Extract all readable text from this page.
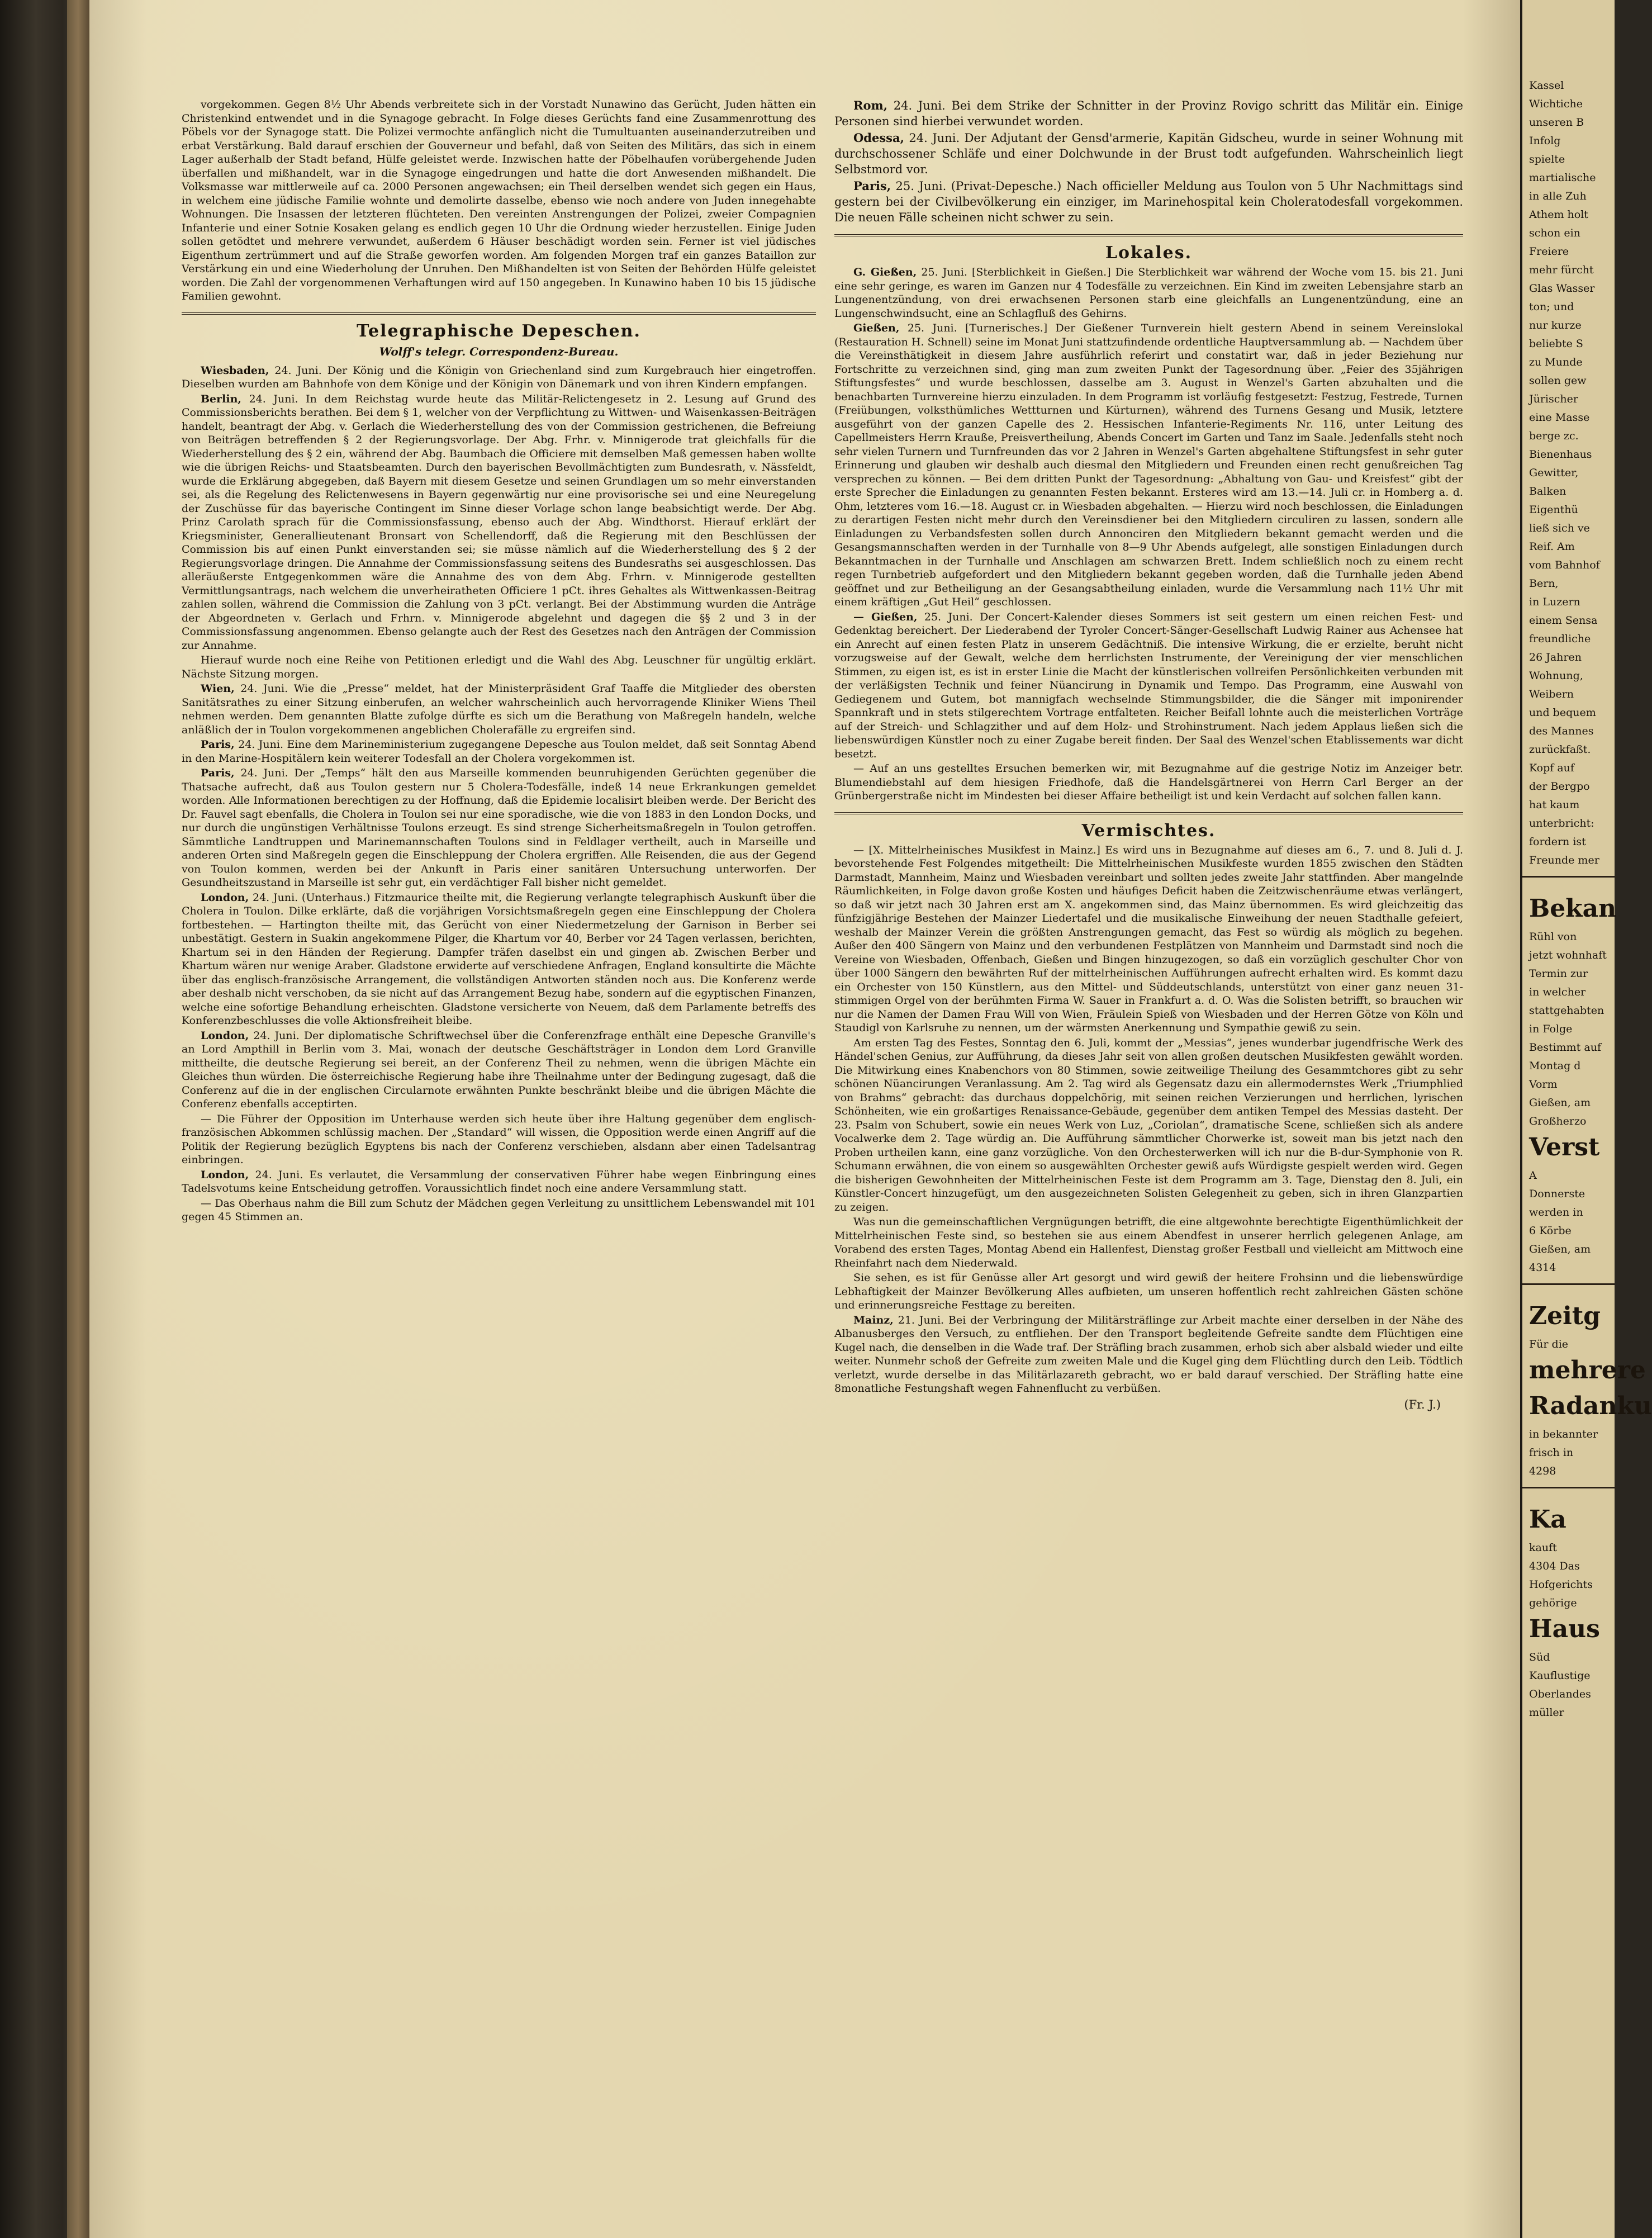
vorgekommen. Gegen 8½ Uhr Abends verbreitete sich in der Vorstadt Nunawino das Gerücht, Juden hätten ein Christenkind entwendet und in die Synagoge gebracht. In Folge dieses Gerüchts fand eine Zusammenrottung des Pöbels vor der Synagoge statt. Die Polizei vermochte anfänglich nicht die Tumultuanten auseinanderzutreiben und erbat Verstärkung. Bald darauf erschien der Gouverneur und befahl, daß von Seiten des Militärs, das sich in einem Lager außerhalb der Stadt befand, Hülfe geleistet werde. Inzwischen hatte der Pöbelhaufen vorübergehende Juden überfallen und mißhandelt, war in die Synagoge eingedrungen und hatte die dort Anwesenden mißhandelt. Die Volksmasse war mittlerweile auf ca. 2000 Personen angewachsen; ein Theil derselben wendet sich gegen ein Haus, in welchem eine jüdische Familie wohnte und demolirte dasselbe, ebenso wie noch andere von Juden innegehabte Wohnungen. Die Insassen der letzteren flüchteten. Den vereinten Anstrengungen der Polizei, zweier Compagnien Infanterie und einer Sotnie Kosaken gelang es endlich gegen 10 Uhr die Ordnung wieder herzustellen. Einige Juden sollen getödtet und mehrere verwundet, außerdem 6 Häuser beschädigt worden sein. Ferner ist viel jüdisches Eigenthum zertrümmert und auf die Straße geworfen worden. Am folgenden Morgen traf ein ganzes Bataillon zur Verstärkung ein und eine Wiederholung der Unruhen. Den Mißhandelten ist von Seiten der Behörden Hülfe geleistet worden. Die Zahl der vorgenommenen Verhaftungen wird auf 150 angegeben. In Kunawino haben 10 bis 15 jüdische Familien gewohnt.

Telegraphische Depeschen.
Wolff's telegr. Correspondenz-Bureau.

Wiesbaden, 24. Juni. Der König und die Königin von Griechenland sind zum Kurgebrauch hier eingetroffen. Dieselben wurden am Bahnhofe von dem Könige und der Königin von Dänemark und von ihren Kindern empfangen.

Berlin, 24. Juni. In dem Reichstag wurde heute das Militär-Relictengesetz in 2. Lesung auf Grund des Commissionsberichts berathen. Bei dem § 1, welcher von der Verpflichtung zu Wittwen- und Waisenkassen-Beiträgen handelt, beantragt der Abg. v. Gerlach die Wiederherstellung des von der Commission gestrichenen, die Befreiung von Beiträgen betreffenden § 2 der Regierungsvorlage. Der Abg. Frhr. v. Minnigerode trat gleichfalls für die Wiederherstellung des § 2 ein, während der Abg. Baumbach die Officiere mit demselben Maß gemessen haben wollte wie die übrigen Reichs- und Staatsbeamten. Durch den bayerischen Bevollmächtigten zum Bundesrath, v. Nässfeldt, wurde die Erklärung abgegeben, daß Bayern mit diesem Gesetze und seinen Grundlagen um so mehr einverstanden sei, als die Regelung des Relictenwesens in Bayern gegenwärtig nur eine provisorische sei und eine Neuregelung der Zuschüsse für das bayerische Contingent im Sinne dieser Vorlage schon lange beabsichtigt werde. Der Abg. Prinz Carolath sprach für die Commissionsfassung, ebenso auch der Abg. Windthorst. Hierauf erklärt der Kriegsminister, Generallieutenant Bronsart von Schellendorff, daß die Regierung mit den Beschlüssen der Commission bis auf einen Punkt einverstanden sei; sie müsse nämlich auf die Wiederherstellung des § 2 der Regierungsvorlage dringen. Die Annahme der Commissionsfassung seitens des Bundesraths sei ausgeschlossen. Das alleräußerste Entgegenkommen wäre die Annahme des von dem Abg. Frhrn. v. Minnigerode gestellten Vermittlungsantrags, nach welchem die unverheiratheten Officiere 1 pCt. ihres Gehaltes als Wittwenkassen-Beitrag zahlen sollen, während die Commission die Zahlung von 3 pCt. verlangt. Bei der Abstimmung wurden die Anträge der Abgeordneten v. Gerlach und Frhrn. v. Minnigerode abgelehnt und dagegen die §§ 2 und 3 in der Commissionsfassung angenommen. Ebenso gelangte auch der Rest des Gesetzes nach den Anträgen der Commission zur Annahme.

Hierauf wurde noch eine Reihe von Petitionen erledigt und die Wahl des Abg. Leuschner für ungültig erklärt. Nächste Sitzung morgen.

Wien, 24. Juni. Wie die „Presse“ meldet, hat der Ministerpräsident Graf Taaffe die Mitglieder des obersten Sanitätsrathes zu einer Sitzung einberufen, an welcher wahrscheinlich auch hervorragende Kliniker Wiens Theil nehmen werden. Dem genannten Blatte zufolge dürfte es sich um die Berathung von Maßregeln handeln, welche anläßlich der in Toulon vorgekommenen angeblichen Cholerafälle zu ergreifen sind.

Paris, 24. Juni. Eine dem Marineministerium zugegangene Depesche aus Toulon meldet, daß seit Sonntag Abend in den Marine-Hospitälern kein weiterer Todesfall an der Cholera vorgekommen ist.

Paris, 24. Juni. Der „Temps“ hält den aus Marseille kommenden beunruhigenden Gerüchten gegenüber die Thatsache aufrecht, daß aus Toulon gestern nur 5 Cholera-Todesfälle, indeß 14 neue Erkrankungen gemeldet worden. Alle Informationen berechtigen zu der Hoffnung, daß die Epidemie localisirt bleiben werde. Der Bericht des Dr. Fauvel sagt ebenfalls, die Cholera in Toulon sei nur eine sporadische, wie die von 1883 in den London Docks, und nur durch die ungünstigen Verhältnisse Toulons erzeugt. Es sind strenge Sicherheitsmaßregeln in Toulon getroffen. Sämmtliche Landtruppen und Marinemannschaften Toulons sind in Feldlager vertheilt, auch in Marseille und anderen Orten sind Maßregeln gegen die Einschleppung der Cholera ergriffen. Alle Reisenden, die aus der Gegend von Toulon kommen, werden bei der Ankunft in Paris einer sanitären Untersuchung unterworfen. Der Gesundheitszustand in Marseille ist sehr gut, ein verdächtiger Fall bisher nicht gemeldet.

London, 24. Juni. (Unterhaus.) Fitzmaurice theilte mit, die Regierung verlangte telegraphisch Auskunft über die Cholera in Toulon. Dilke erklärte, daß die vorjährigen Vorsichtsmaßregeln gegen eine Einschleppung der Cholera fortbestehen. — Hartington theilte mit, das Gerücht von einer Niedermetzelung der Garnison in Berber sei unbestätigt. Gestern in Suakin angekommene Pilger, die Khartum vor 40, Berber vor 24 Tagen verlassen, berichten, Khartum sei in den Händen der Regierung. Dampfer träfen daselbst ein und gingen ab. Zwischen Berber und Khartum wären nur wenige Araber. Gladstone erwiderte auf verschiedene Anfragen, England konsultirte die Mächte über das englisch-französische Arrangement, die vollständigen Antworten ständen noch aus. Die Konferenz werde aber deshalb nicht verschoben, da sie nicht auf das Arrangement Bezug habe, sondern auf die egyptischen Finanzen, welche eine sofortige Behandlung erheischten. Gladstone versicherte von Neuem, daß dem Parlamente betreffs des Konferenzbeschlusses die volle Aktionsfreiheit bleibe.

London, 24. Juni. Der diplomatische Schriftwechsel über die Conferenzfrage enthält eine Depesche Granville's an Lord Ampthill in Berlin vom 3. Mai, wonach der deutsche Geschäftsträger in London dem Lord Granville mittheilte, die deutsche Regierung sei bereit, an der Conferenz Theil zu nehmen, wenn die übrigen Mächte ein Gleiches thun würden. Die österreichische Regierung habe ihre Theilnahme unter der Bedingung zugesagt, daß die Conferenz auf die in der englischen Circularnote erwähnten Punkte beschränkt bleibe und die übrigen Mächte die Conferenz ebenfalls acceptirten.

— Die Führer der Opposition im Unterhause werden sich heute über ihre Haltung gegenüber dem englisch-französischen Abkommen schlüssig machen. Der „Standard“ will wissen, die Opposition werde einen Angriff auf die Politik der Regierung bezüglich Egyptens bis nach der Conferenz verschieben, alsdann aber einen Tadelsantrag einbringen.

London, 24. Juni. Es verlautet, die Versammlung der conservativen Führer habe wegen Einbringung eines Tadelsvotums keine Entscheidung getroffen. Voraussichtlich findet noch eine andere Versammlung statt.

— Das Oberhaus nahm die Bill zum Schutz der Mädchen gegen Verleitung zu unsittlichem Lebenswandel mit 101 gegen 45 Stimmen an.

Rom, 24. Juni. Bei dem Strike der Schnitter in der Provinz Rovigo schritt das Militär ein. Einige Personen sind hierbei verwundet worden.

Odessa, 24. Juni. Der Adjutant der Gensd'armerie, Kapitän Gidscheu, wurde in seiner Wohnung mit durchschossener Schläfe und einer Dolchwunde in der Brust todt aufgefunden. Wahrscheinlich liegt Selbstmord vor.

Paris, 25. Juni. (Privat-Depesche.) Nach officieller Meldung aus Toulon von 5 Uhr Nachmittags sind gestern bei der Civilbevölkerung ein einziger, im Marinehospital kein Choleratodesfall vorgekommen. Die neuen Fälle scheinen nicht schwer zu sein.

Lokales.

G. Gießen, 25. Juni. [Sterblichkeit in Gießen.] Die Sterblichkeit war während der Woche vom 15. bis 21. Juni eine sehr geringe, es waren im Ganzen nur 4 Todesfälle zu verzeichnen. Ein Kind im zweiten Lebensjahre starb an Lungenentzündung, von drei erwachsenen Personen starb eine gleichfalls an Lungenentzündung, eine an Lungenschwindsucht, eine an Schlagfluß des Gehirns.

Gießen, 25. Juni. [Turnerisches.] Der Gießener Turnverein hielt gestern Abend in seinem Vereinslokal (Restauration H. Schnell) seine im Monat Juni stattzufindende ordentliche Hauptversammlung ab. — Nachdem über die Vereinsthätigkeit in diesem Jahre ausführlich referirt und constatirt war, daß in jeder Beziehung nur Fortschritte zu verzeichnen sind, ging man zum zweiten Punkt der Tagesordnung über. „Feier des 35jährigen Stiftungsfestes“ und wurde beschlossen, dasselbe am 3. August in Wenzel's Garten abzuhalten und die benachbarten Turnvereine hierzu einzuladen. In dem Programm ist vorläufig festgesetzt: Festzug, Festrede, Turnen (Freiübungen, volksthümliches Wettturnen und Kürturnen), während des Turnens Gesang und Musik, letztere ausgeführt von der ganzen Capelle des 2. Hessischen Infanterie-Regiments Nr. 116, unter Leitung des Capellmeisters Herrn Krauße, Preisvertheilung, Abends Concert im Garten und Tanz im Saale. Jedenfalls steht noch sehr vielen Turnern und Turnfreunden das vor 2 Jahren in Wenzel's Garten abgehaltene Stiftungsfest in sehr guter Erinnerung und glauben wir deshalb auch diesmal den Mitgliedern und Freunden einen recht genußreichen Tag versprechen zu können. — Bei dem dritten Punkt der Tagesordnung: „Abhaltung von Gau- und Kreisfest“ gibt der erste Sprecher die Einladungen zu genannten Festen bekannt. Ersteres wird am 13.—14. Juli cr. in Homberg a. d. Ohm, letzteres vom 16.—18. August cr. in Wiesbaden abgehalten. — Hierzu wird noch beschlossen, die Einladungen zu derartigen Festen nicht mehr durch den Vereinsdiener bei den Mitgliedern circuliren zu lassen, sondern alle Einladungen zu Verbandsfesten sollen durch Annonciren den Mitgliedern bekannt gemacht werden und die Gesangsmannschaften werden in der Turnhalle von 8—9 Uhr Abends aufgelegt, alle sonstigen Einladungen durch Bekanntmachen in der Turnhalle und Anschlagen am schwarzen Brett. Indem schließlich noch zu einem recht regen Turnbetrieb aufgefordert und den Mitgliedern bekannt gegeben worden, daß die Turnhalle jeden Abend geöffnet und zur Betheiligung an der Gesangsabtheilung einladen, wurde die Versammlung nach 11½ Uhr mit einem kräftigen „Gut Heil“ geschlossen.

— Gießen, 25. Juni. Der Concert-Kalender dieses Sommers ist seit gestern um einen reichen Fest- und Gedenktag bereichert. Der Liederabend der Tyroler Concert-Sänger-Gesellschaft Ludwig Rainer aus Achensee hat ein Anrecht auf einen festen Platz in unserem Gedächtniß. Die intensive Wirkung, die er erzielte, beruht nicht vorzugsweise auf der Gewalt, welche dem herrlichsten Instrumente, der Vereinigung der vier menschlichen Stimmen, zu eigen ist, es ist in erster Linie die Macht der künstlerischen vollreifen Persönlichkeiten verbunden mit der verläßigsten Technik und feiner Nüancirung in Dynamik und Tempo. Das Programm, eine Auswahl von Gediegenem und Gutem, bot mannigfach wechselnde Stimmungsbilder, die die Sänger mit imponirender Spannkraft und in stets stilgerechtem Vortrage entfalteten. Reicher Beifall lohnte auch die meisterlichen Vorträge auf der Streich- und Schlagzither und auf dem Holz- und Strohinstrument. Nach jedem Applaus ließen sich die liebenswürdigen Künstler noch zu einer Zugabe bereit finden. Der Saal des Wenzel'schen Etablissements war dicht besetzt.

— Auf an uns gestelltes Ersuchen bemerken wir, mit Bezugnahme auf die gestrige Notiz im Anzeiger betr. Blumendiebstahl auf dem hiesigen Friedhofe, daß die Handelsgärtnerei von Herrn Carl Berger an der Grünbergerstraße nicht im Mindesten bei dieser Affaire betheiligt ist und kein Verdacht auf solchen fallen kann.

Vermischtes.

— [X. Mittelrheinisches Musikfest in Mainz.] Es wird uns in Bezugnahme auf dieses am 6., 7. und 8. Juli d. J. bevorstehende Fest Folgendes mitgetheilt: Die Mittelrheinischen Musikfeste wurden 1855 zwischen den Städten Darmstadt, Mannheim, Mainz und Wiesbaden vereinbart und sollten jedes zweite Jahr stattfinden. Aber mangelnde Räumlichkeiten, in Folge davon große Kosten und häufiges Deficit haben die Zeitzwischenräume etwas verlängert, so daß wir jetzt nach 30 Jahren erst am X. angekommen sind, das Mainz übernommen. Es wird gleichzeitig das fünfzigjährige Bestehen der Mainzer Liedertafel und die musikalische Einweihung der neuen Stadthalle gefeiert, weshalb der Mainzer Verein die größten Anstrengungen gemacht, das Fest so würdig als möglich zu begehen. Außer den 400 Sängern von Mainz und den verbundenen Festplätzen von Mannheim und Darmstadt sind noch die Vereine von Wiesbaden, Offenbach, Gießen und Bingen hinzugezogen, so daß ein vorzüglich geschulter Chor von über 1000 Sängern den bewährten Ruf der mittelrheinischen Aufführungen aufrecht erhalten wird. Es kommt dazu ein Orchester von 150 Künstlern, aus den Mittel- und Süddeutschlands, unterstützt von einer ganz neuen 31-stimmigen Orgel von der berühmten Firma W. Sauer in Frankfurt a. d. O. Was die Solisten betrifft, so brauchen wir nur die Namen der Damen Frau Will von Wien, Fräulein Spieß von Wiesbaden und der Herren Götze von Köln und Staudigl von Karlsruhe zu nennen, um der wärmsten Anerkennung und Sympathie gewiß zu sein.

Am ersten Tag des Festes, Sonntag den 6. Juli, kommt der „Messias“, jenes wunderbar jugendfrische Werk des Händel'schen Genius, zur Aufführung, da dieses Jahr seit von allen großen deutschen Musikfesten gewählt worden. Die Mitwirkung eines Knabenchors von 80 Stimmen, sowie zeitweilige Theilung des Gesammtchores gibt zu sehr schönen Nüancirungen Veranlassung. Am 2. Tag wird als Gegensatz dazu ein allermodernstes Werk „Triumphlied von Brahms“ gebracht: das durchaus doppelchörig, mit seinen reichen Verzierungen und herrlichen, lyrischen Schönheiten, wie ein großartiges Renaissance-Gebäude, gegenüber dem antiken Tempel des Messias dasteht. Der 23. Psalm von Schubert, sowie ein neues Werk von Luz, „Coriolan“, dramatische Scene, schließen sich als andere Vocalwerke dem 2. Tage würdig an. Die Aufführung sämmtlicher Chorwerke ist, soweit man bis jetzt nach den Proben urtheilen kann, eine ganz vorzügliche. Von den Orchesterwerken will ich nur die B-dur-Symphonie von R. Schumann erwähnen, die von einem so ausgewählten Orchester gewiß aufs Würdigste gespielt werden wird. Gegen die bisherigen Gewohnheiten der Mittelrheinischen Feste ist dem Programm am 3. Tage, Dienstag den 8. Juli, ein Künstler-Concert hinzugefügt, um den ausgezeichneten Solisten Gelegenheit zu geben, sich in ihren Glanzpartien zu zeigen.

Was nun die gemeinschaftlichen Vergnügungen betrifft, die eine altgewohnte berechtigte Eigenthümlichkeit der Mittelrheinischen Feste sind, so bestehen sie aus einem Abendfest in unserer herrlich gelegenen Anlage, am Vorabend des ersten Tages, Montag Abend ein Hallenfest, Dienstag großer Festball und vielleicht am Mittwoch eine Rheinfahrt nach dem Niederwald.

Sie sehen, es ist für Genüsse aller Art gesorgt und wird gewiß der heitere Frohsinn und die liebenswürdige Lebhaftigkeit der Mainzer Bevölkerung Alles aufbieten, um unseren hoffentlich recht zahlreichen Gästen schöne und erinnerungsreiche Festtage zu bereiten.

Mainz, 21. Juni. Bei der Verbringung der Militärsträflinge zur Arbeit machte einer derselben in der Nähe des Albanusberges den Versuch, zu entfliehen. Der den Transport begleitende Gefreite sandte dem Flüchtigen eine Kugel nach, die denselben in die Wade traf. Der Sträfling brach zusammen, erhob sich aber alsbald wieder und eilte weiter. Nunmehr schoß der Gefreite zum zweiten Male und die Kugel ging dem Flüchtling durch den Leib. Tödtlich verletzt, wurde derselbe in das Militärlazareth gebracht, wo er bald darauf verschied. Der Sträfling hatte eine 8monatliche Festungshaft wegen Fahnenflucht zu verbüßen.

(Fr. J.)
Kassel
Wichtiche
unseren B
Infolg
spielte
martialische
in alle Zuh
Athem holt
schon ein
Freiere
mehr fürcht
Glas Wasser
ton; und
nur kurze
beliebte S
zu Munde
sollen gew
Jürischer
eine Masse
berge zc.
Bienenhaus
Gewitter,
Balken
Eigenthü
ließ sich ve
Reif. Am
vom Bahnhof
Bern,
in Luzern
einem Sensa
freundliche
26 Jahren
Wohnung,
Weibern
und bequem
des Mannes
zurückfaßt.
Kopf auf
der Bergpo
hat kaum
unterbricht:
fordern ist
Freunde mer
Bekan
Rühl von
jetzt wohnhaft
Termin zur
in welcher
stattgehabten
in Folge
Bestimmt auf
Montag d
Vorm
Gießen, am
Großherzo
Verst
A
Donnerste
werden in
6 Körbe
Gießen, am
4314
Zeitg
Für die
mehrere
Radanku
in bekannter
frisch in
4298
Ka
kauft
4304 Das
Hofgerichts
gehörige
Haus
Süd
Kauflustige
Oberlandes
müller
